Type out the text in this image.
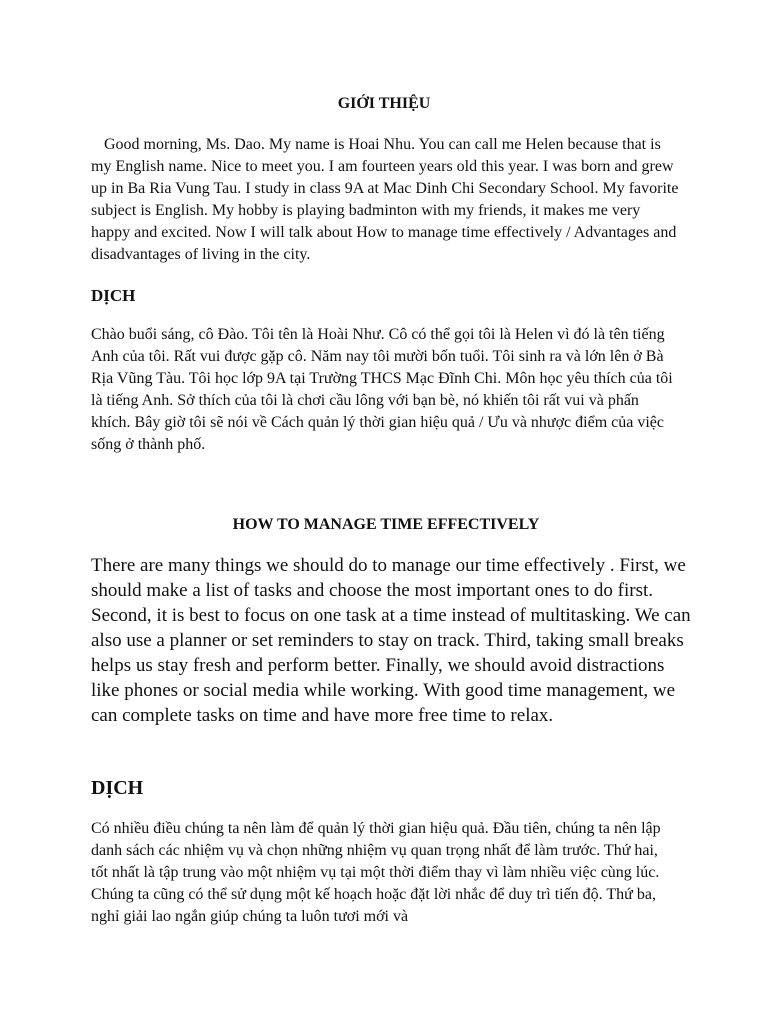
GIỚI THIỆU

Good morning, Ms. Dao. My name is Hoai Nhu. You can call me Helen because that is my English name. Nice to meet you. I am fourteen years old this year. I was born and grew up in Ba Ria Vung Tau. I study in class 9A at Mac Dinh Chi Secondary School. My favorite subject is English. My hobby is playing badminton with my friends, it makes me very happy and excited. Now I will talk about How to manage time effectively / Advantages and disadvantages of living in the city.

DỊCH

Chào buổi sáng, cô Đào. Tôi tên là Hoài Như. Cô có thể gọi tôi là Helen vì đó là tên tiếng Anh của tôi. Rất vui được gặp cô. Năm nay tôi mười bốn tuổi. Tôi sinh ra và lớn lên ở Bà Rịa Vũng Tàu. Tôi học lớp 9A tại Trường THCS Mạc Đĩnh Chi. Môn học yêu thích của tôi là tiếng Anh. Sở thích của tôi là chơi cầu lông với bạn bè, nó khiến tôi rất vui và phấn khích. Bây giờ tôi sẽ nói về Cách quản lý thời gian hiệu quả / Ưu và nhược điểm của việc sống ở thành phố.

HOW TO MANAGE TIME EFFECTIVELY

There are many things we should do to manage our time effectively . First, we should make a list of tasks and choose the most important ones to do first. Second, it is best to focus on one task at a time instead of multitasking. We can also use a planner or set reminders to stay on track. Third, taking small breaks helps us stay fresh and perform better. Finally, we should avoid distractions like phones or social media while working. With good time management, we can complete tasks on time and have more free time to relax.

DỊCH

Có nhiều điều chúng ta nên làm để quản lý thời gian hiệu quả. Đầu tiên, chúng ta nên lập danh sách các nhiệm vụ và chọn những nhiệm vụ quan trọng nhất để làm trước. Thứ hai, tốt nhất là tập trung vào một nhiệm vụ tại một thời điểm thay vì làm nhiều việc cùng lúc. Chúng ta cũng có thể sử dụng một kế hoạch hoặc đặt lời nhắc để duy trì tiến độ. Thứ ba, nghỉ giải lao ngắn giúp chúng ta luôn tươi mới và
